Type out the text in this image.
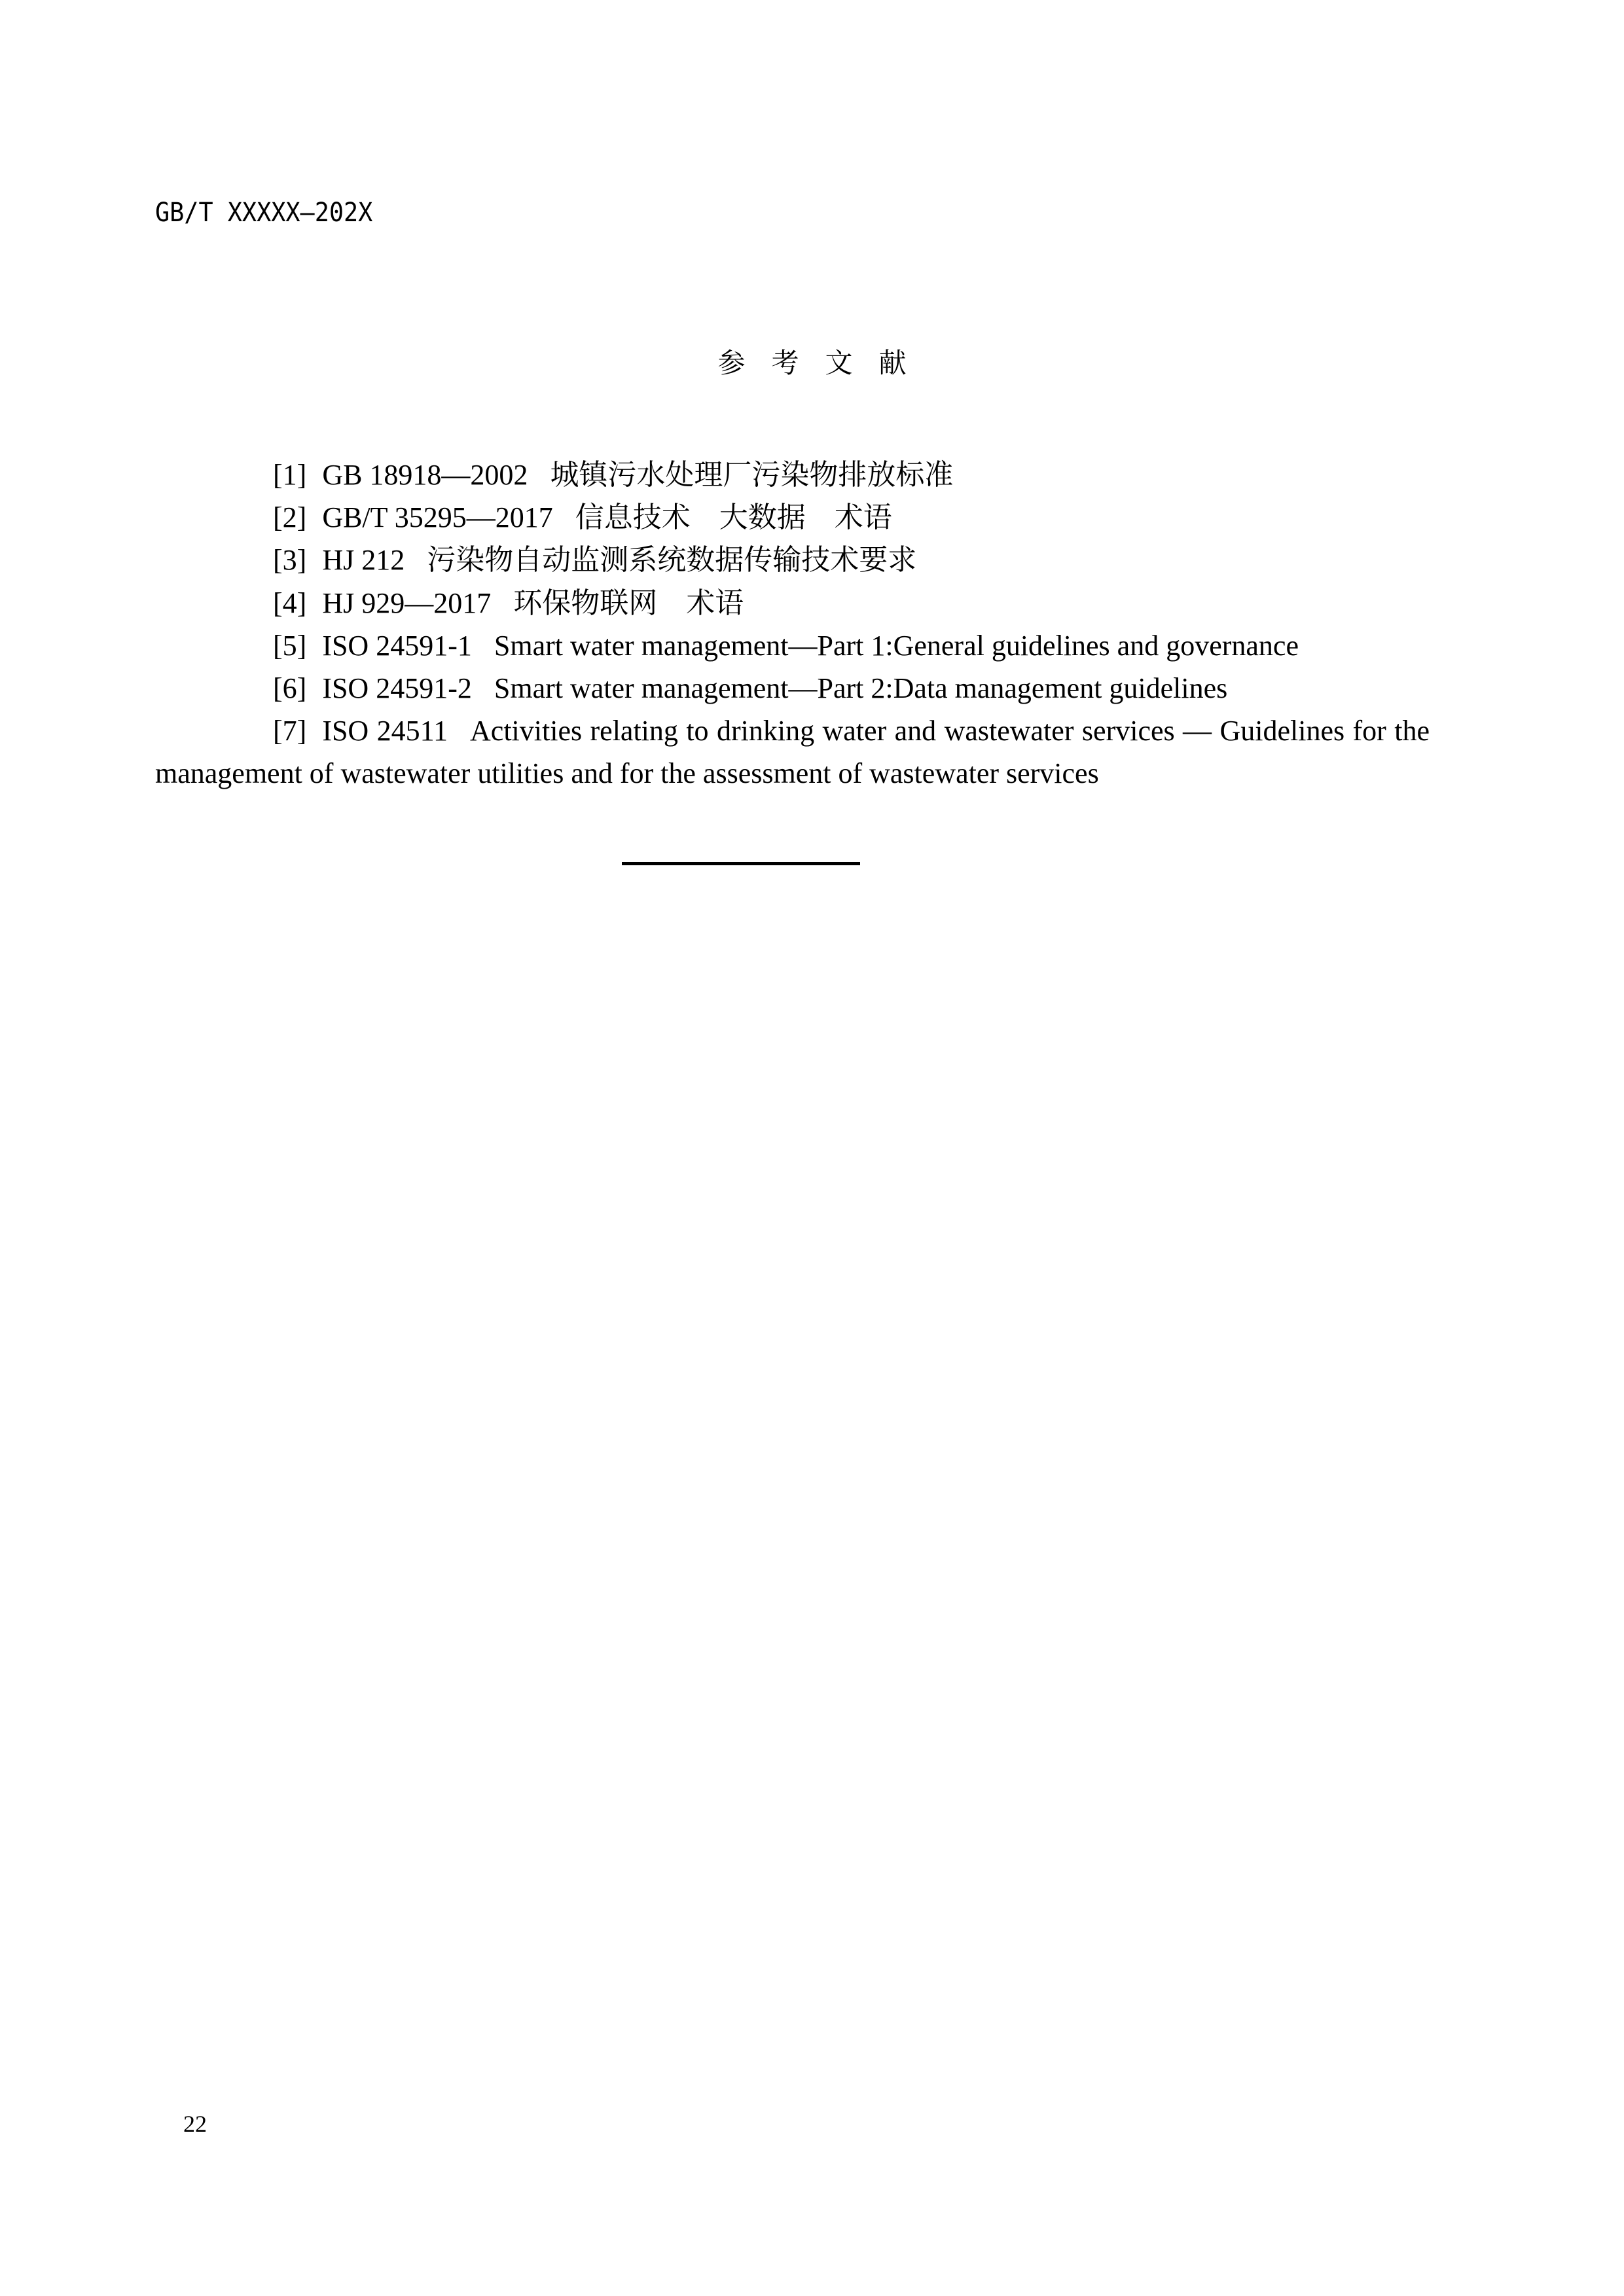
GB/T XXXXX—202X
参 考 文 献
[1] GB 18918—2002 城镇污水处理厂污染物排放标准
[2] GB/T 35295—2017 信息技术　大数据　术语
[3] HJ 212 污染物自动监测系统数据传输技术要求
[4] HJ 929—2017 环保物联网　术语
[5] ISO 24591-1 Smart water management—Part 1:General guidelines and governance
[6] ISO 24591-2 Smart water management—Part 2:Data management guidelines
[7] ISO 24511 Activities relating to drinking water and wastewater services — Guidelines for the management of wastewater utilities and for the assessment of wastewater services
22
